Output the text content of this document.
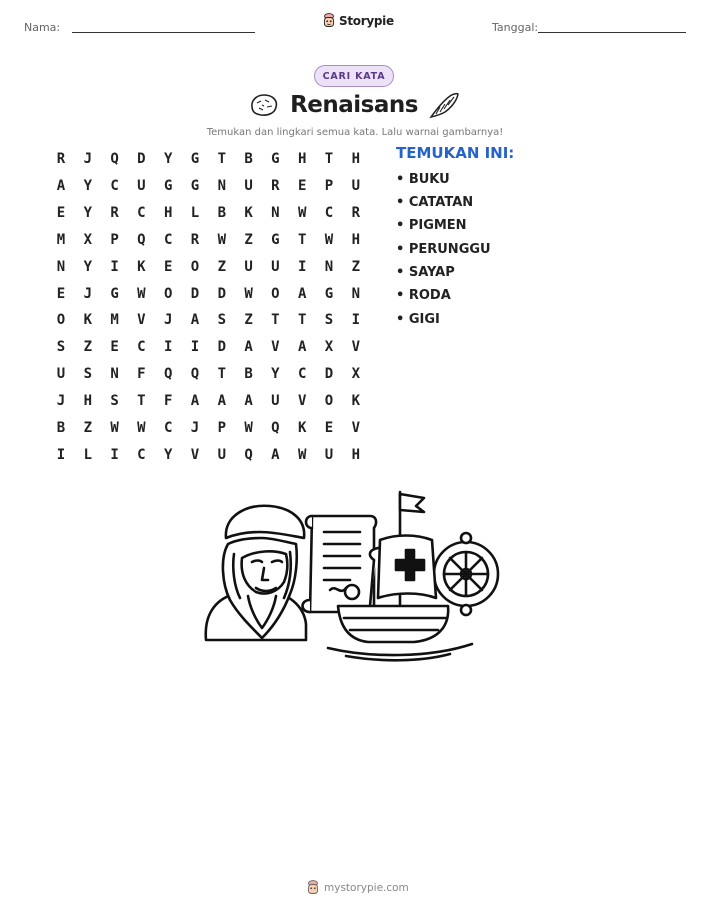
Nama:	Storypie	Tanggal:
CARI KATA
Renaisans
Temukan dan lingkari semua kata. Lalu warnai gambarnya!
R	J	Q	D	Y	G	T	B	G	H	T	H
A	Y	C	U	G	G	N	U	R	E	P	U
E	Y	R	C	H	L	B	K	N	W	C	R
M	X	P	Q	C	R	W	Z	G	T	W	H
N	Y	I	K	E	O	Z	U	U	I	N	Z
E	J	G	W	O	D	D	W	O	A	G	N
O	K	M	V	J	A	S	Z	T	T	S	I
S	Z	E	C	I	I	D	A	V	A	X	V
U	S	N	F	Q	Q	T	B	Y	C	D	X
J	H	S	T	F	A	A	A	U	V	O	K
B	Z	W	W	C	J	P	W	Q	K	E	V
I	L	I	C	Y	V	U	Q	A	W	U	H
TEMUKAN INI:
• BUKU
• CATATAN
• PIGMEN
• PERUNGGU
• SAYAP
• RODA
• GIGI
mystorypie.com
